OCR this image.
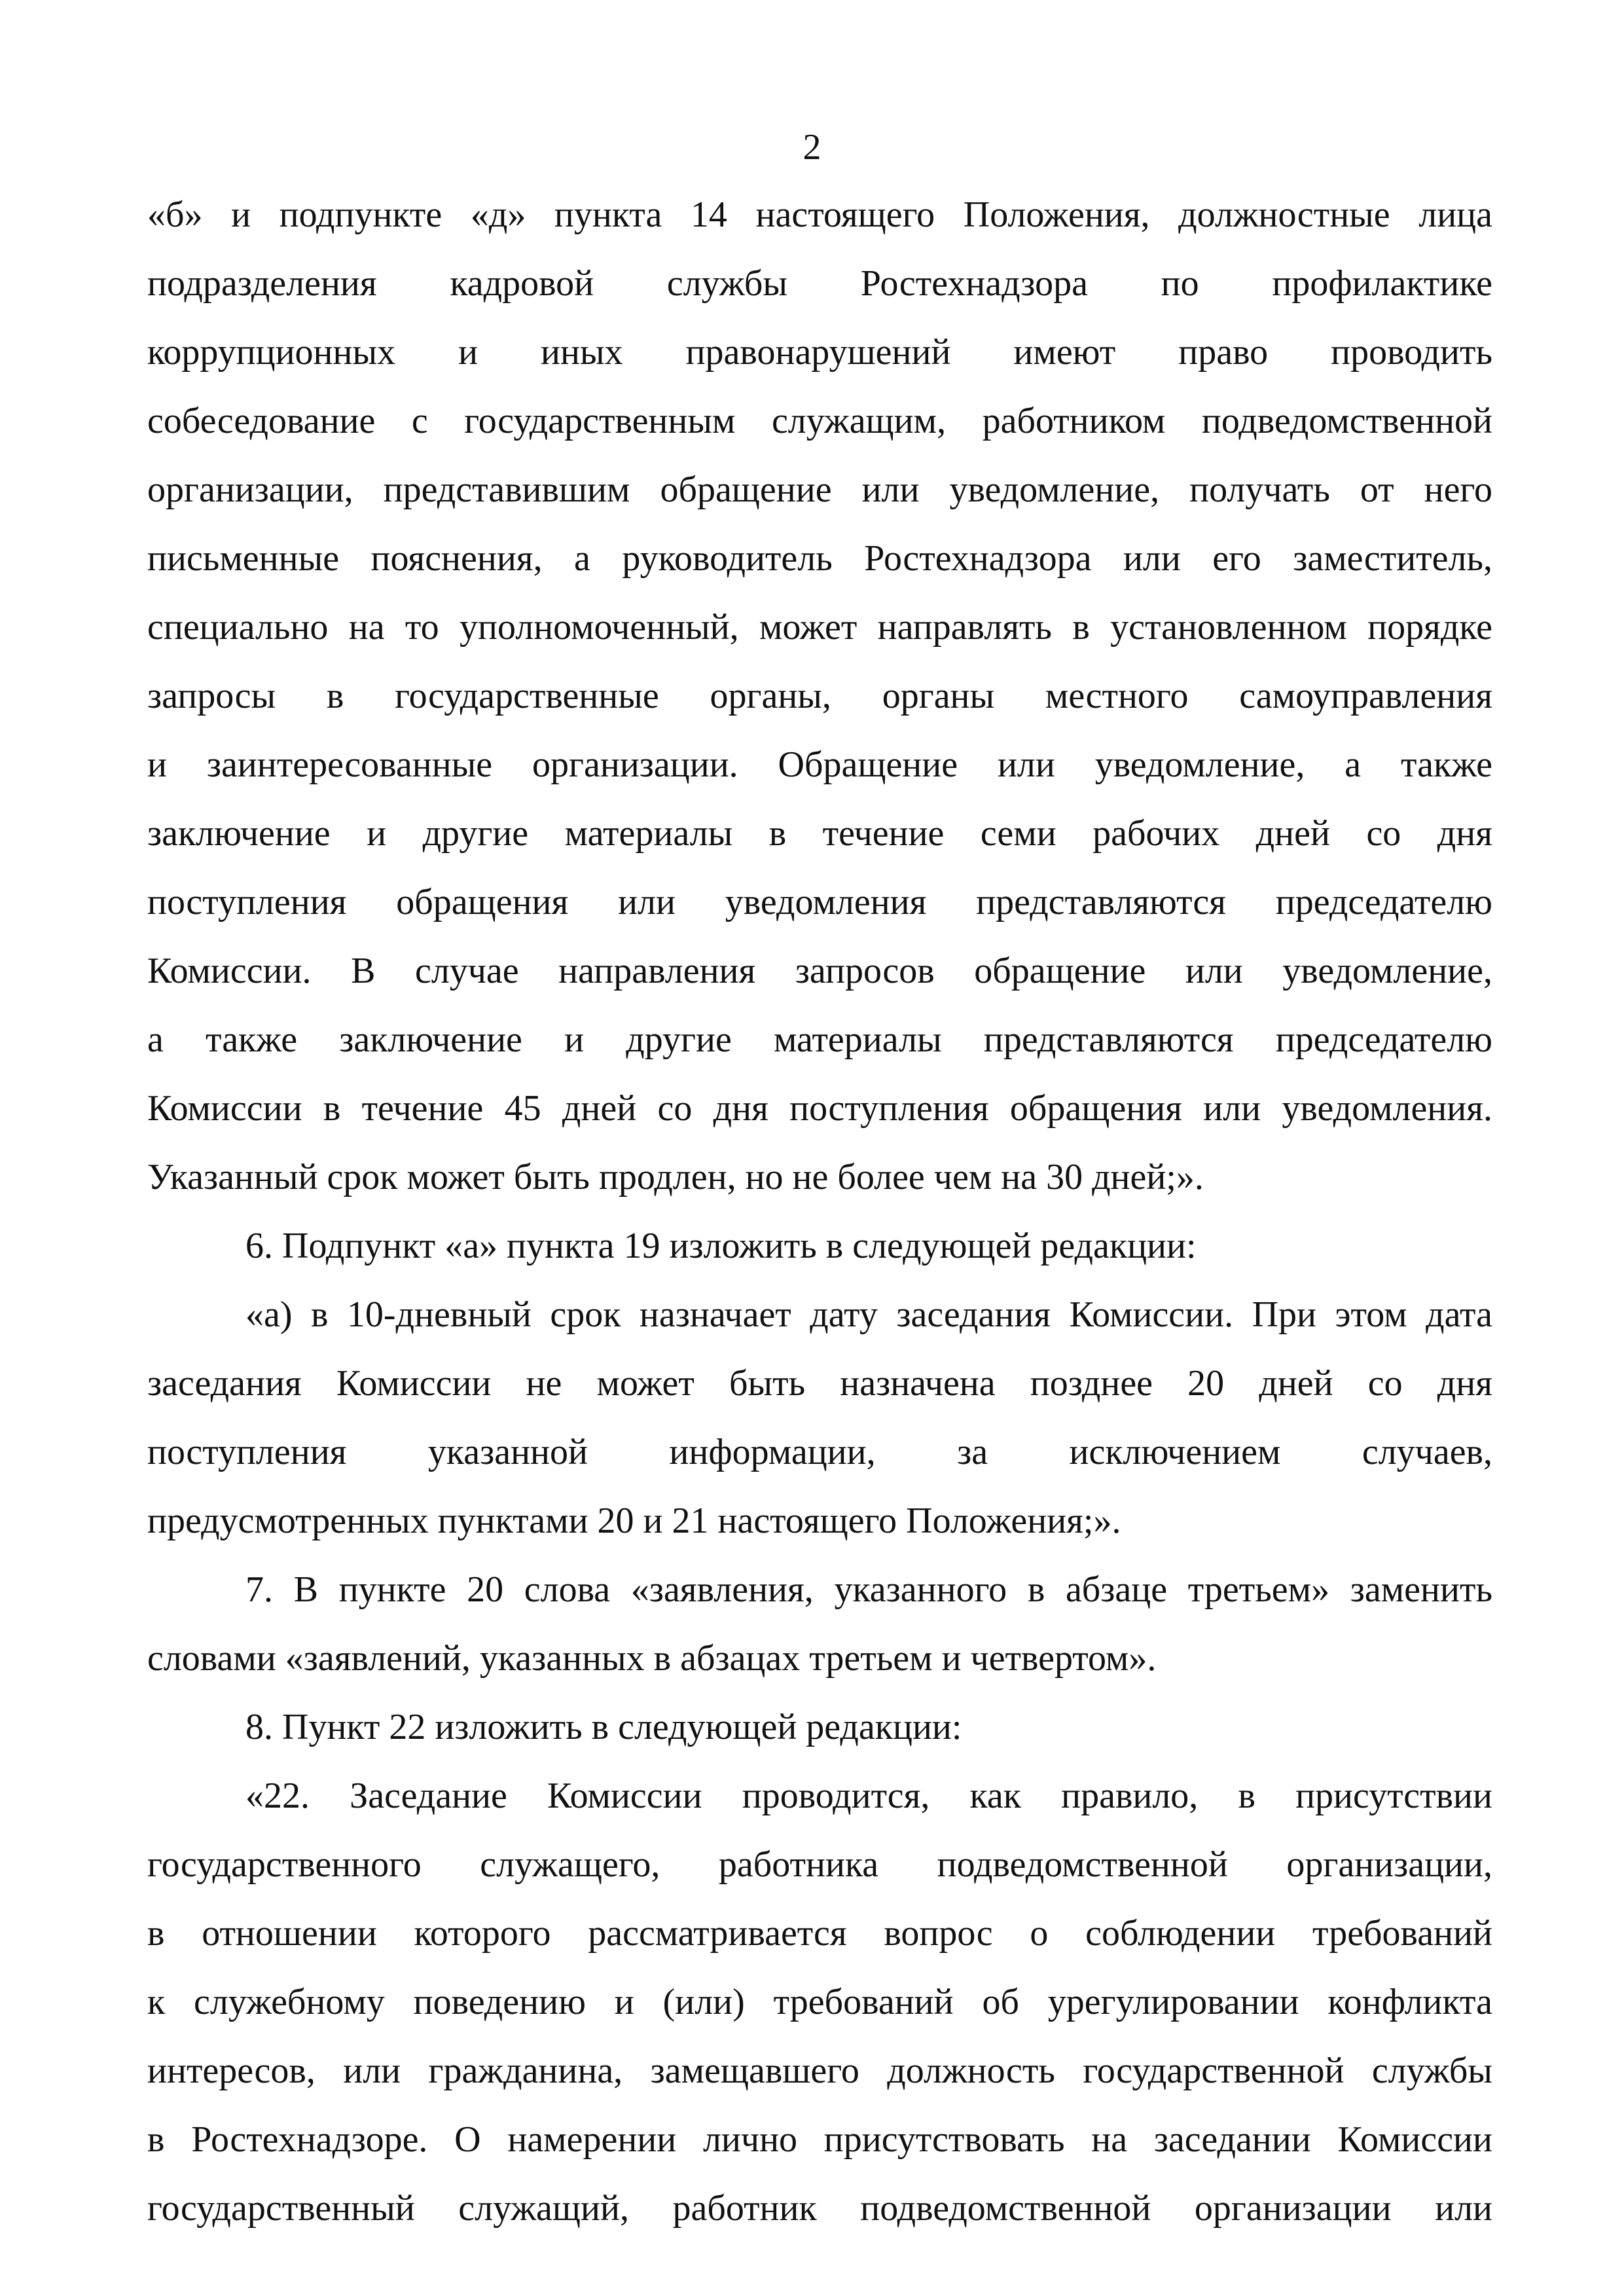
2
«б» и подпункте «д» пункта 14 настоящего Положения, должностные лица
подразделения кадровой службы Ростехнадзора по профилактике
коррупционных и иных правонарушений имеют право проводить
собеседование с государственным служащим, работником подведомственной
организации, представившим обращение или уведомление, получать от него
письменные пояснения, а руководитель Ростехнадзора или его заместитель,
специально на то уполномоченный, может направлять в установленном порядке
запросы в государственные органы, органы местного самоуправления
и заинтересованные организации. Обращение или уведомление, а также
заключение и другие материалы в течение семи рабочих дней со дня
поступления обращения или уведомления представляются председателю
Комиссии. В случае направления запросов обращение или уведомление,
а также заключение и другие материалы представляются председателю
Комиссии в течение 45 дней со дня поступления обращения или уведомления.
Указанный срок может быть продлен, но не более чем на 30 дней;».
6. Подпункт «а» пункта 19 изложить в следующей редакции:
«а) в 10-дневный срок назначает дату заседания Комиссии. При этом дата
заседания Комиссии не может быть назначена позднее 20 дней со дня
поступления указанной информации, за исключением случаев,
предусмотренных пунктами 20 и 21 настоящего Положения;».
7. В пункте 20 слова «заявления, указанного в абзаце третьем» заменить
словами «заявлений, указанных в абзацах третьем и четвертом».
8. Пункт 22 изложить в следующей редакции:
«22. Заседание Комиссии проводится, как правило, в присутствии
государственного служащего, работника подведомственной организации,
в отношении которого рассматривается вопрос о соблюдении требований
к служебному поведению и (или) требований об урегулировании конфликта
интересов, или гражданина, замещавшего должность государственной службы
в Ростехнадзоре. О намерении лично присутствовать на заседании Комиссии
государственный служащий, работник подведомственной организации или
